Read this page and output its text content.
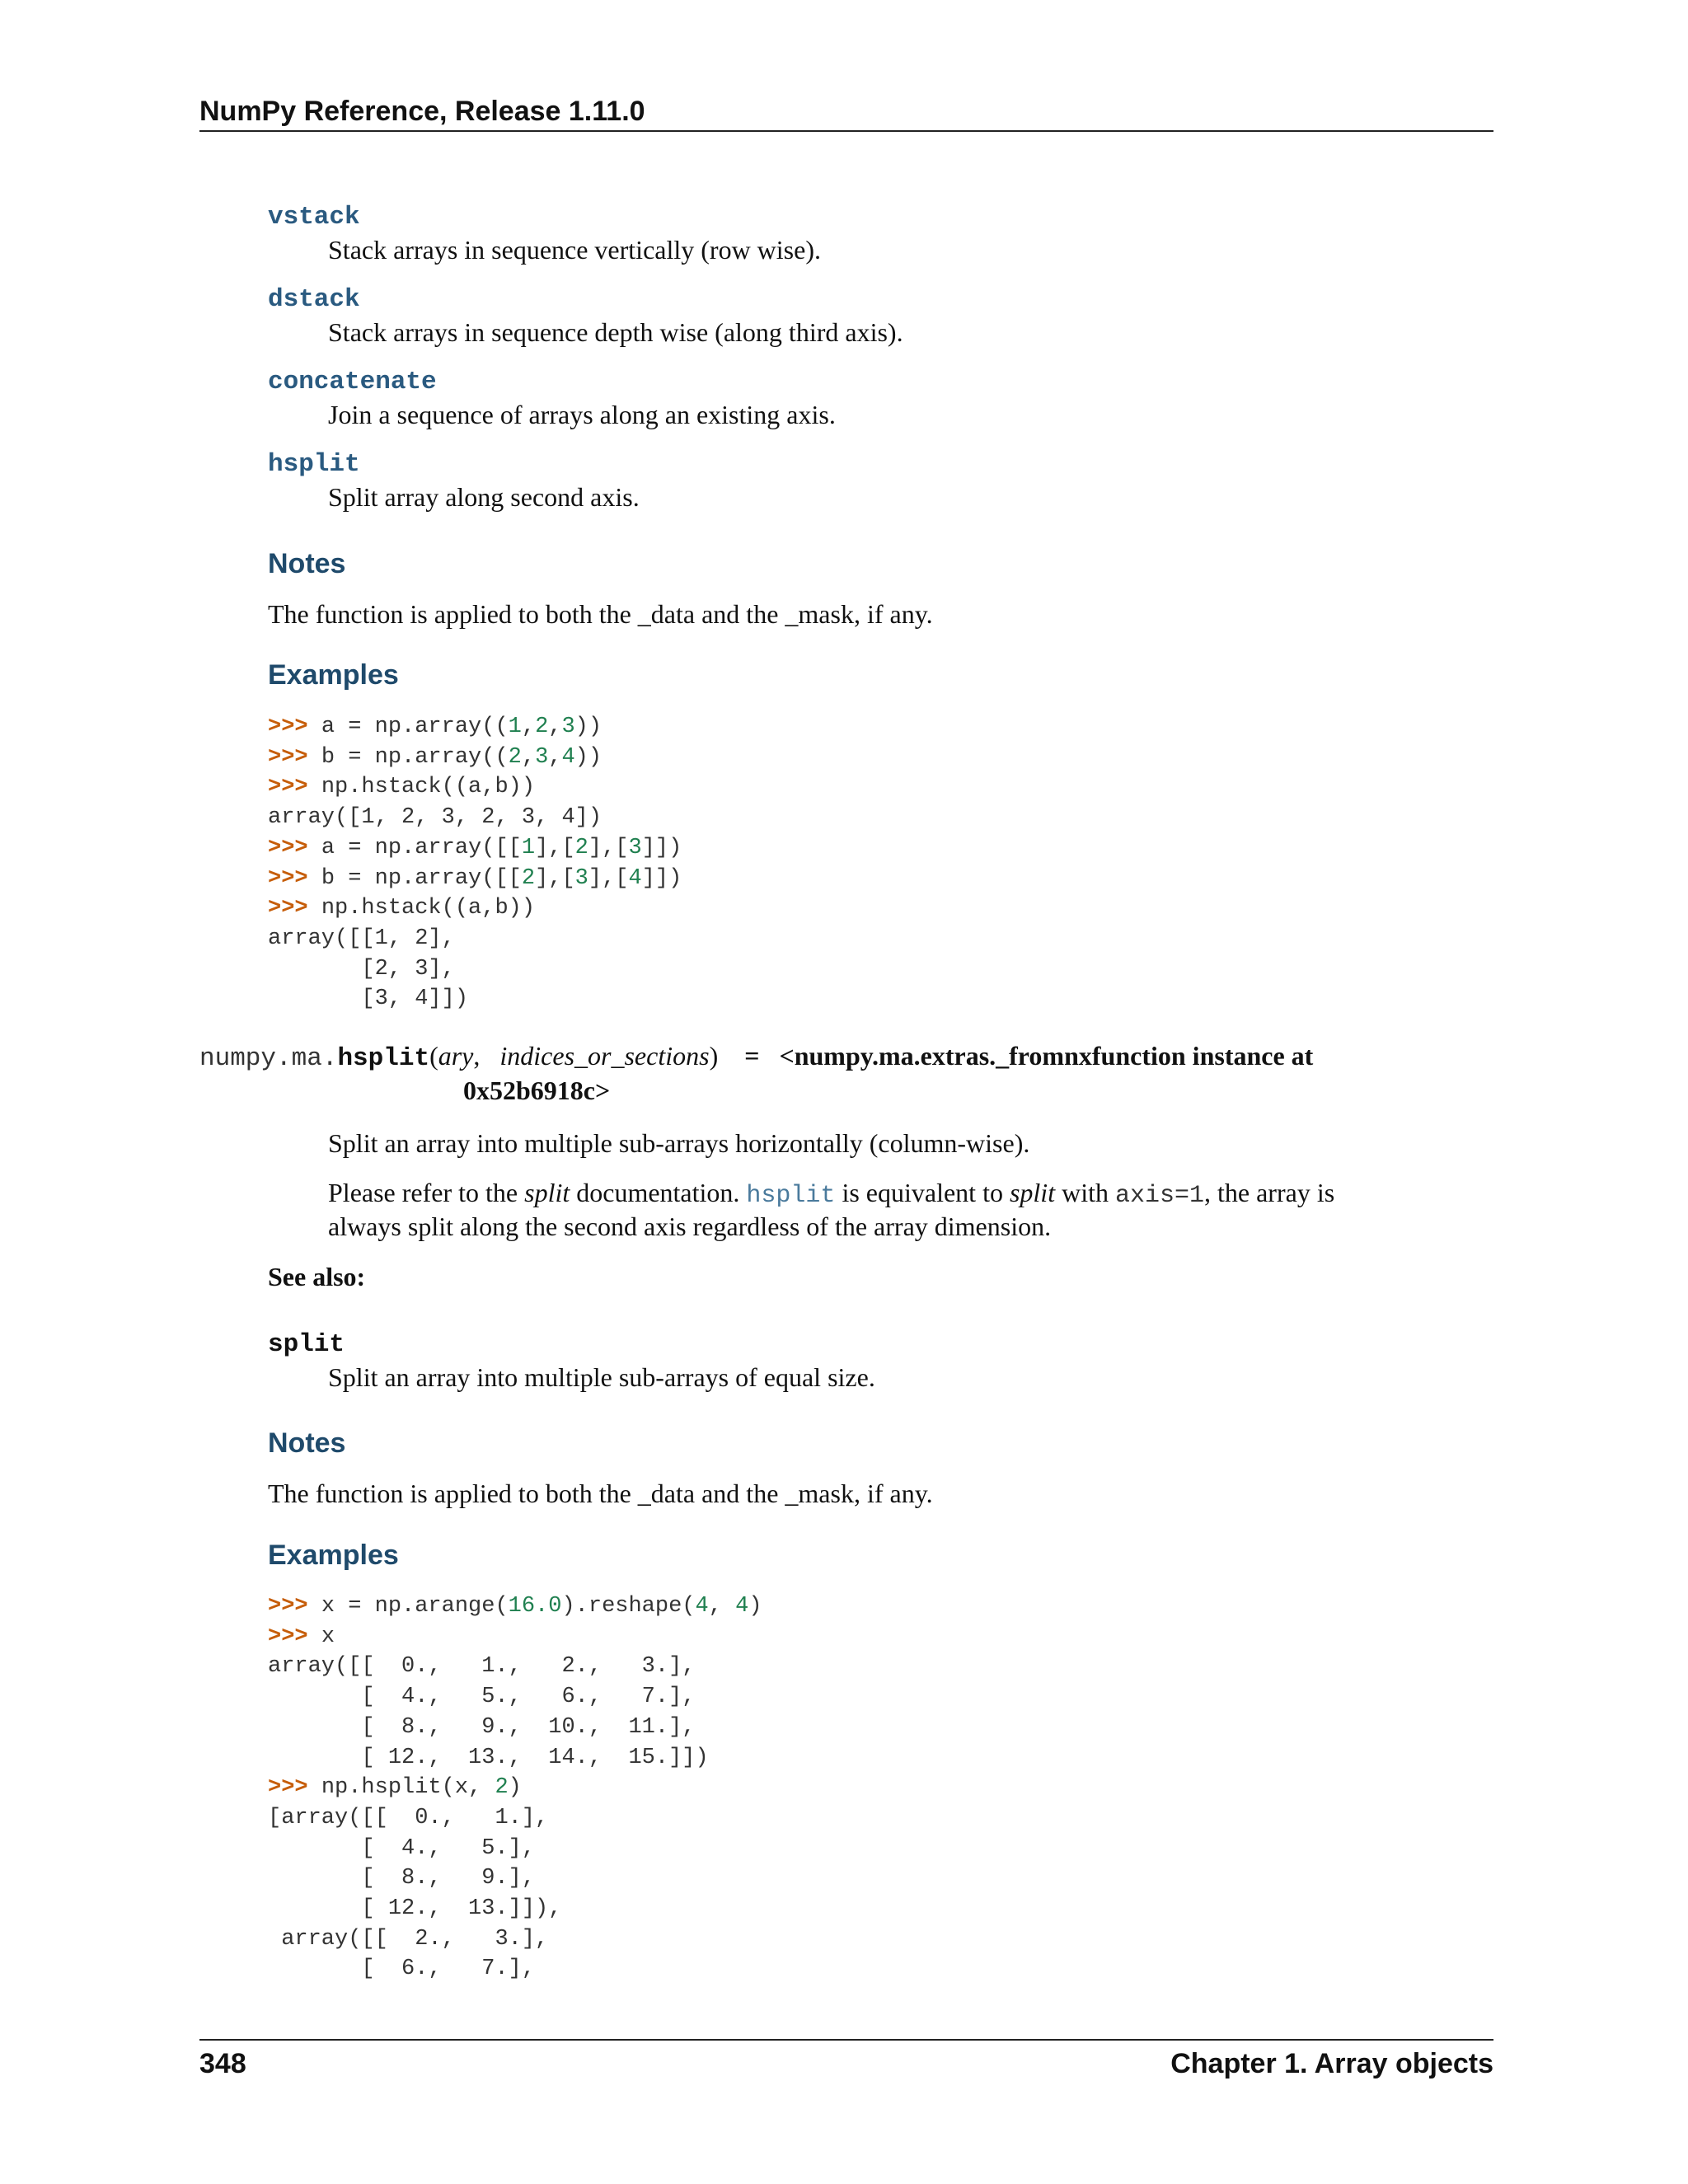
NumPy Reference, Release 1.11.0
vstack
Stack arrays in sequence vertically (row wise).
dstack
Stack arrays in sequence depth wise (along third axis).
concatenate
Join a sequence of arrays along an existing axis.
hsplit
Split array along second axis.
Notes
The function is applied to both the _data and the _mask, if any.
Examples
>>> a = np.array((1,2,3))
>>> b = np.array((2,3,4))
>>> np.hstack((a,b))
array([1, 2, 3, 2, 3, 4])
>>> a = np.array([[1],[2],[3]])
>>> b = np.array([[2],[3],[4]])
>>> np.hstack((a,b))
array([[1, 2],
[2, 3],
[3, 4]])
numpy.ma.hsplit(ary, indices_or_sections) = <numpy.ma.extras._fromnxfunction instance at
0x52b6918c>
Split an array into multiple sub-arrays horizontally (column-wise).
Please refer to the split documentation. hsplit is equivalent to split with axis=1, the array is
always split along the second axis regardless of the array dimension.
See also:
split
Split an array into multiple sub-arrays of equal size.
Notes
The function is applied to both the _data and the _mask, if any.
Examples
>>> x = np.arange(16.0).reshape(4, 4)
>>> x
array([[  0.,   1.,   2.,   3.],
[  4.,   5.,   6.,   7.],
[  8.,   9.,  10.,  11.],
[ 12.,  13.,  14.,  15.]])
>>> np.hsplit(x, 2)
[array([[  0.,   1.],
[  4.,   5.],
[  8.,   9.],
[ 12.,  13.]]),
array([[  2.,   3.],
[  6.,   7.],
348	Chapter 1. Array objects
